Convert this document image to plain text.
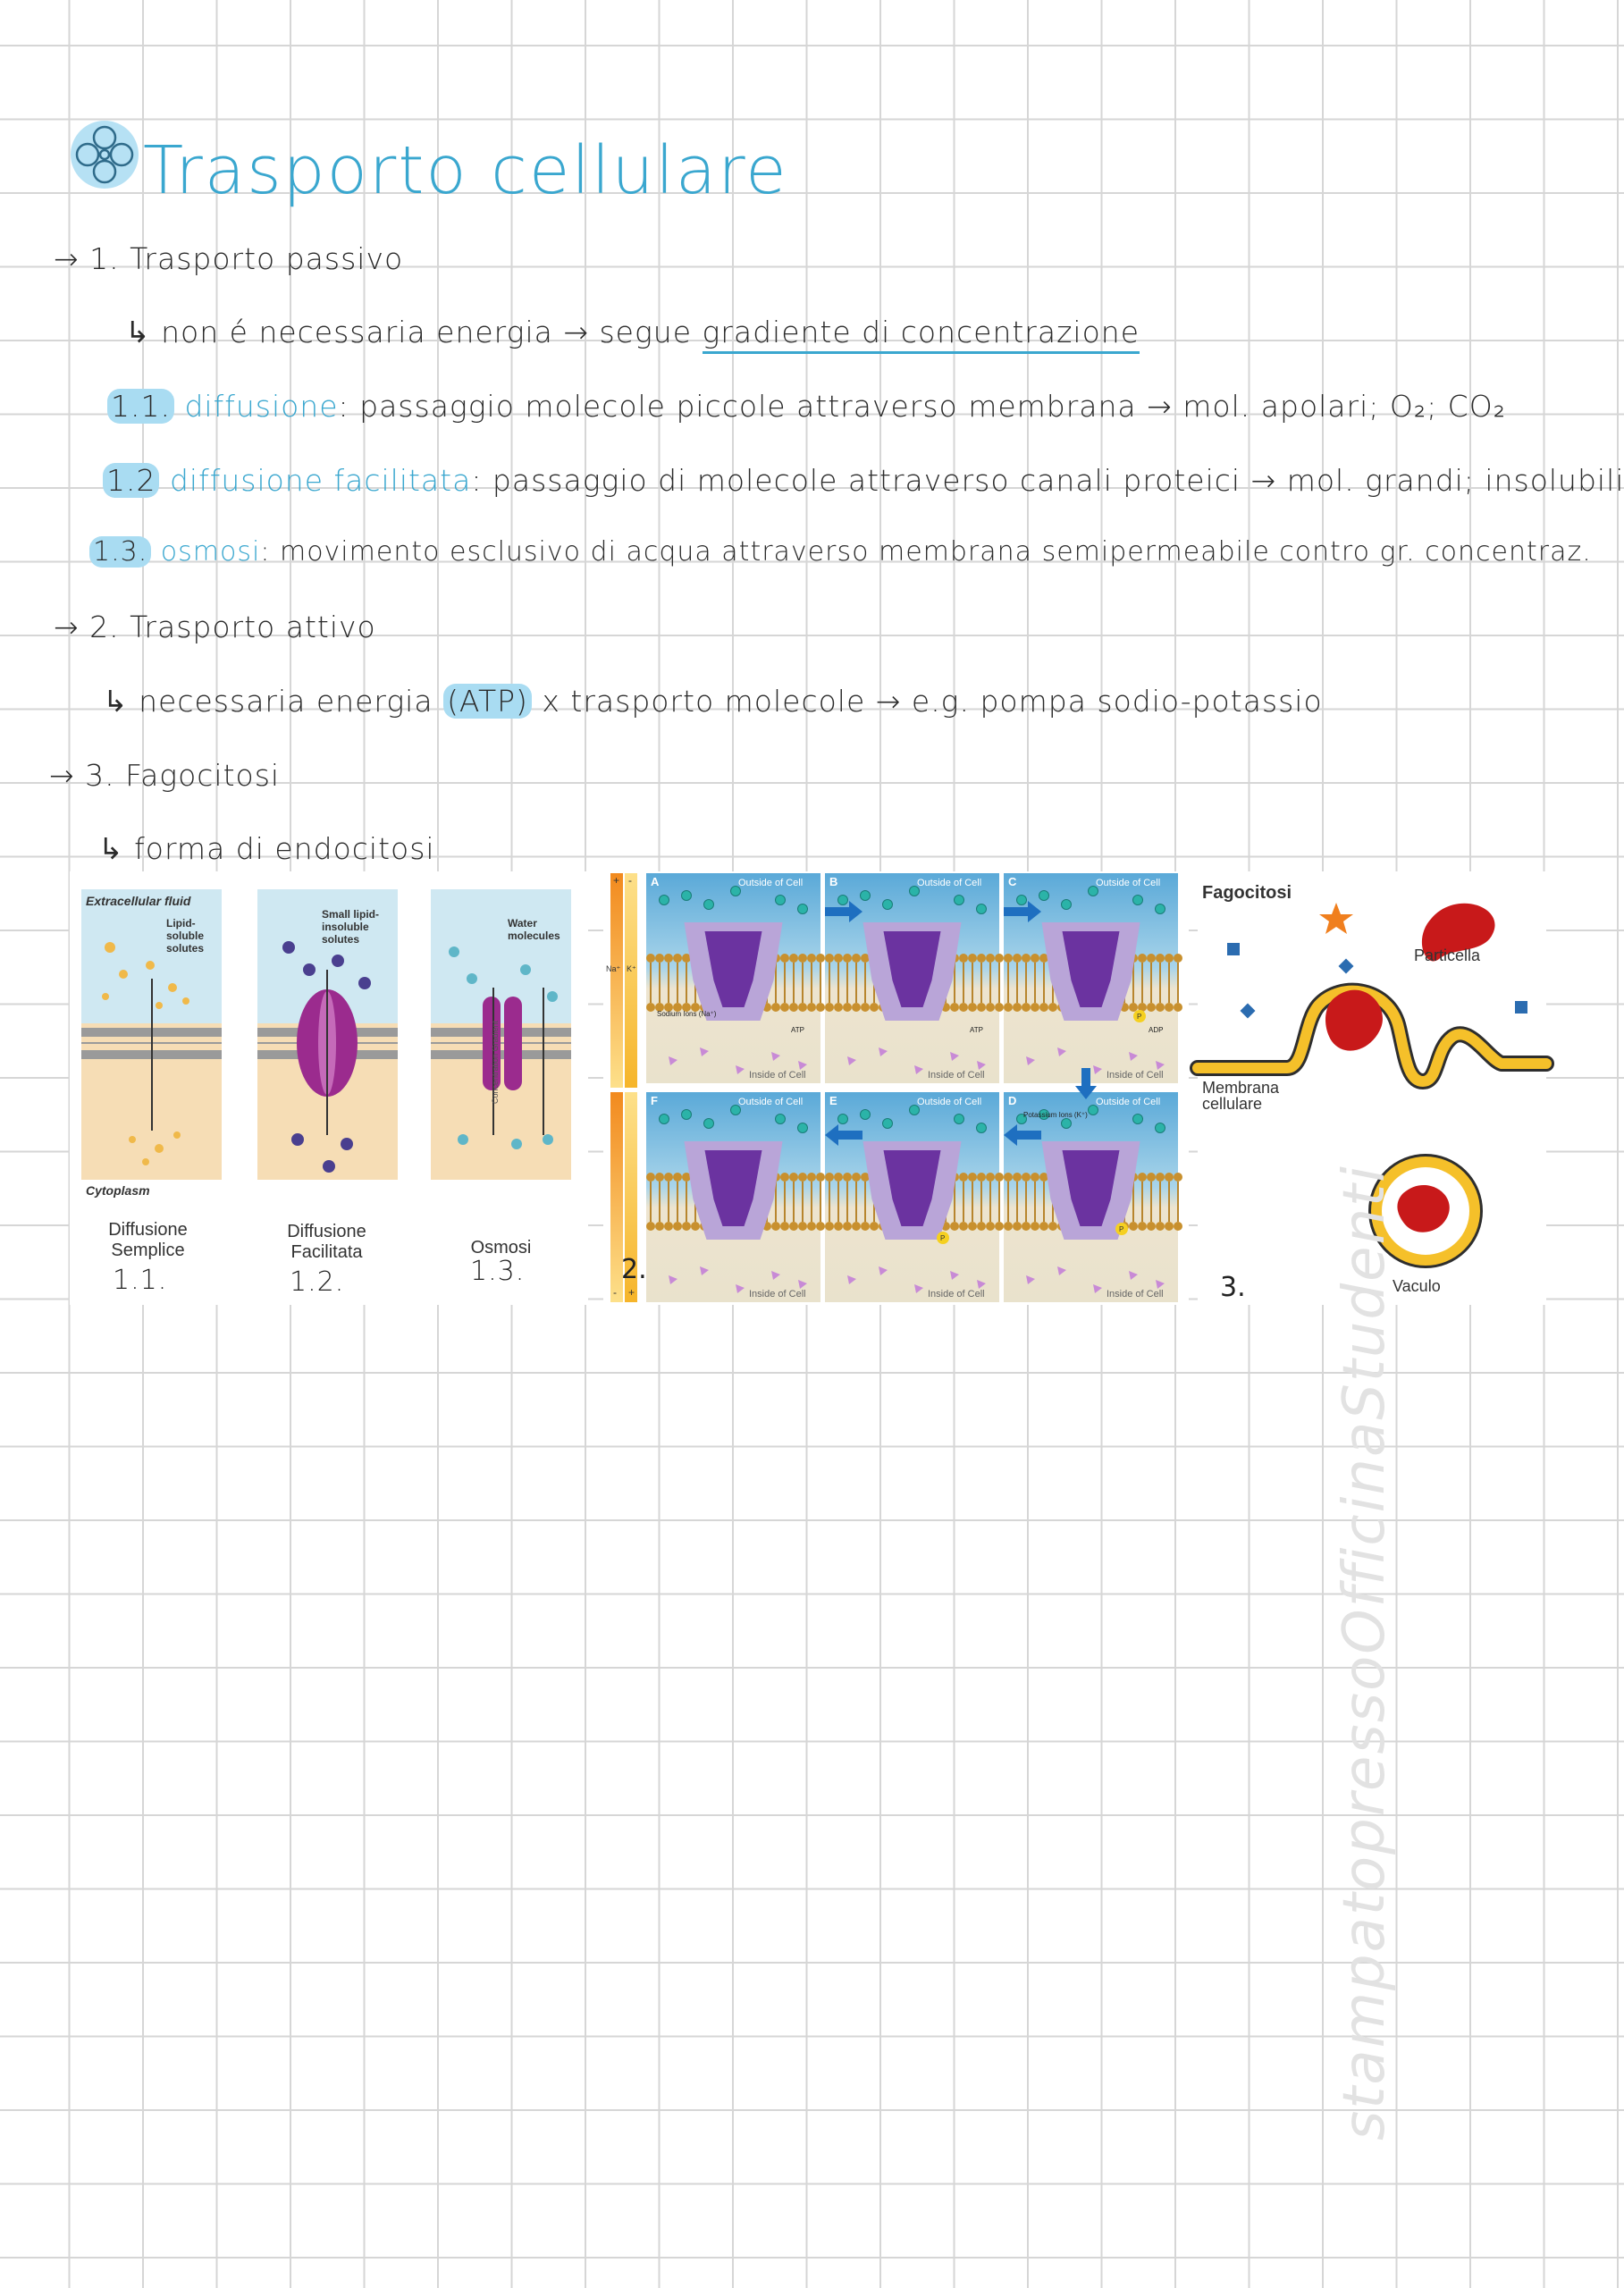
Trasporto cellulare
→ 1. Trasporto passivo
↳ non é necessaria energia → segue gradiente di concentrazione
1.1. diffusione: passaggio molecole piccole attraverso membrana → mol. apolari; O₂; CO₂
1.2 diffusione facilitata: passaggio di molecole attraverso canali proteici → mol. grandi; insolubili
1.3. osmosi: movimento esclusivo di acqua attraverso membrana semipermeabile contro gr. concentraz.
→ 2. Trasporto attivo
↳ necessaria energia (ATP) x trasporto molecole → e.g. pompa sodio-potassio
→ 3. Fagocitosi
↳ forma di endocitosi
Extracellular fluid
Cytoplasm
Lipid-soluble solutes
Small lipid-insoluble solutes
Water molecules
Diffusione
Semplice
Diffusione
Facilitata	Osmosi
1.1.	1.2.	1.3.
Concentration Gradient
+ -
Na⁺ K⁺
- +
A	Outside of Cell
Inside of Cell
B	Outside of Cell
Inside of Cell
C	Outside of Cell
Inside of Cell
F	Outside of Cell
Inside of Cell
E	Outside of Cell
Inside of Cell
D	Outside of Cell
Inside of Cell
Sodium Ions (Na⁺)
ATP	ATP	ADP
Potassium Ions (K⁺)
P
P
P
2.
Fagocitosi
Particella
Membrana cellulare
Vaculo
3. stampatopressoOfficinaStudenti
